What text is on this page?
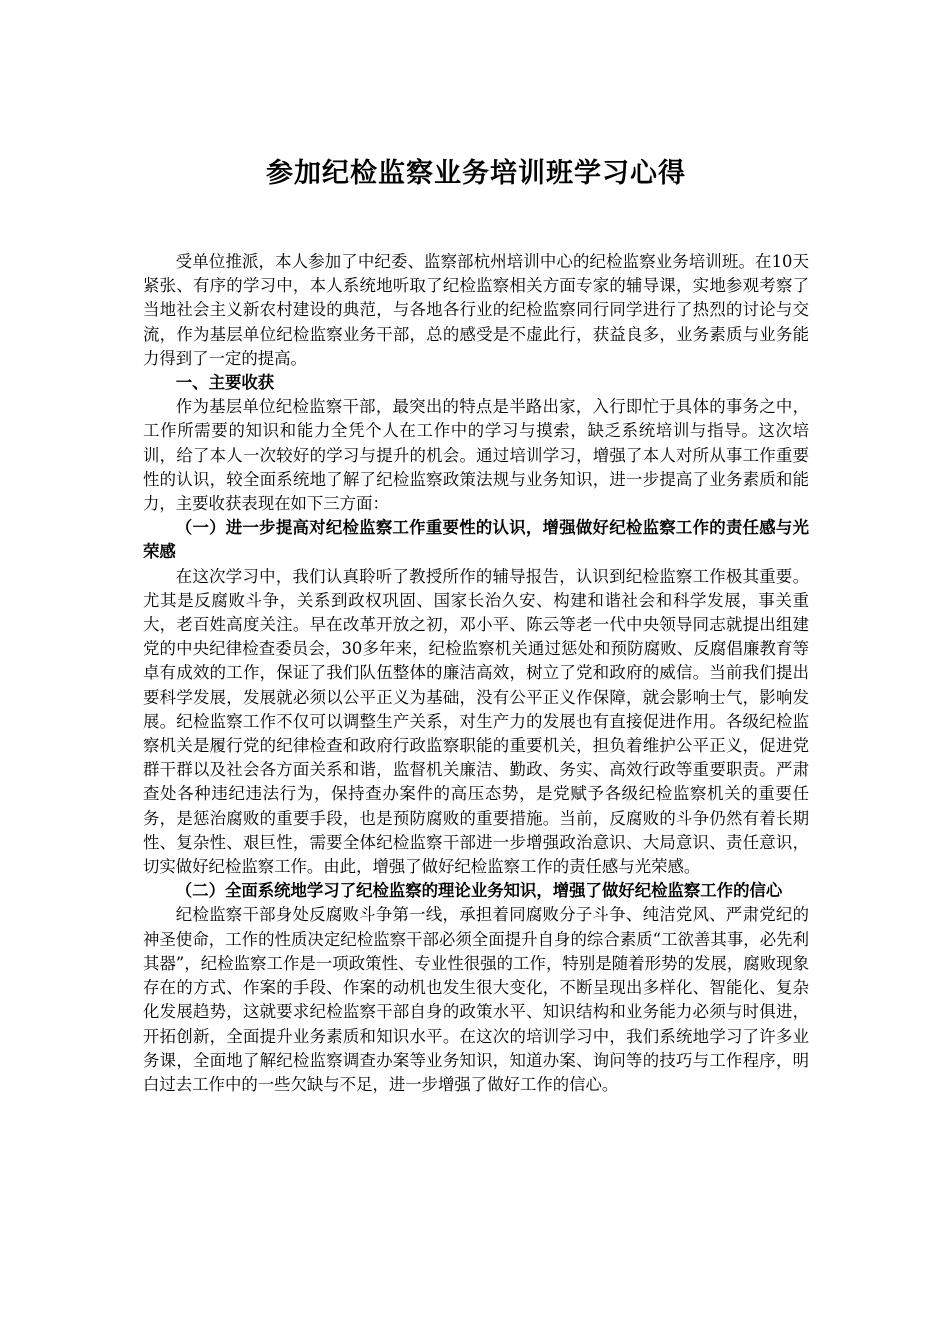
参加纪检监察业务培训班学习心得

受单位推派，本人参加了中纪委、监察部杭州培训中心的纪检监察业务培训班。在10天紧张、有序的学习中，本人系统地听取了纪检监察相关方面专家的辅导课，实地参观考察了当地社会主义新农村建设的典范，与各地各行业的纪检监察同行同学进行了热烈的讨论与交流，作为基层单位纪检监察业务干部，总的感受是不虚此行，获益良多，业务素质与业务能力得到了一定的提高。

一、主要收获

作为基层单位纪检监察干部，最突出的特点是半路出家，入行即忙于具体的事务之中，工作所需要的知识和能力全凭个人在工作中的学习与摸索，缺乏系统培训与指导。这次培训，给了本人一次较好的学习与提升的机会。通过培训学习，增强了本人对所从事工作重要性的认识，较全面系统地了解了纪检监察政策法规与业务知识，进一步提高了业务素质和能力，主要收获表现在如下三方面：

（一）进一步提高对纪检监察工作重要性的认识，增强做好纪检监察工作的责任感与光荣感

在这次学习中，我们认真聆听了教授所作的辅导报告，认识到纪检监察工作极其重要。尤其是反腐败斗争，关系到政权巩固、国家长治久安、构建和谐社会和科学发展，事关重大，老百姓高度关注。早在改革开放之初，邓小平、陈云等老一代中央领导同志就提出组建党的中央纪律检查委员会，30多年来，纪检监察机关通过惩处和预防腐败、反腐倡廉教育等卓有成效的工作，保证了我们队伍整体的廉洁高效，树立了党和政府的威信。当前我们提出要科学发展，发展就必须以公平正义为基础，没有公平正义作保障，就会影响士气，影响发展。纪检监察工作不仅可以调整生产关系，对生产力的发展也有直接促进作用。各级纪检监察机关是履行党的纪律检查和政府行政监察职能的重要机关，担负着维护公平正义，促进党群干群以及社会各方面关系和谐，监督机关廉洁、勤政、务实、高效行政等重要职责。严肃查处各种违纪违法行为，保持查办案件的高压态势，是党赋予各级纪检监察机关的重要任务，是惩治腐败的重要手段，也是预防腐败的重要措施。当前，反腐败的斗争仍然有着长期性、复杂性、艰巨性，需要全体纪检监察干部进一步增强政治意识、大局意识、责任意识，切实做好纪检监察工作。由此，增强了做好纪检监察工作的责任感与光荣感。

（二）全面系统地学习了纪检监察的理论业务知识，增强了做好纪检监察工作的信心

纪检监察干部身处反腐败斗争第一线，承担着同腐败分子斗争、纯洁党风、严肃党纪的神圣使命，工作的性质决定纪检监察干部必须全面提升自身的综合素质“工欲善其事，必先利其器”，纪检监察工作是一项政策性、专业性很强的工作，特别是随着形势的发展，腐败现象存在的方式、作案的手段、作案的动机也发生很大变化，不断呈现出多样化、智能化、复杂化发展趋势，这就要求纪检监察干部自身的政策水平、知识结构和业务能力必须与时俱进，开拓创新，全面提升业务素质和知识水平。在这次的培训学习中，我们系统地学习了许多业务课，全面地了解纪检监察调查办案等业务知识，知道办案、询问等的技巧与工作程序，明白过去工作中的一些欠缺与不足，进一步增强了做好工作的信心。
